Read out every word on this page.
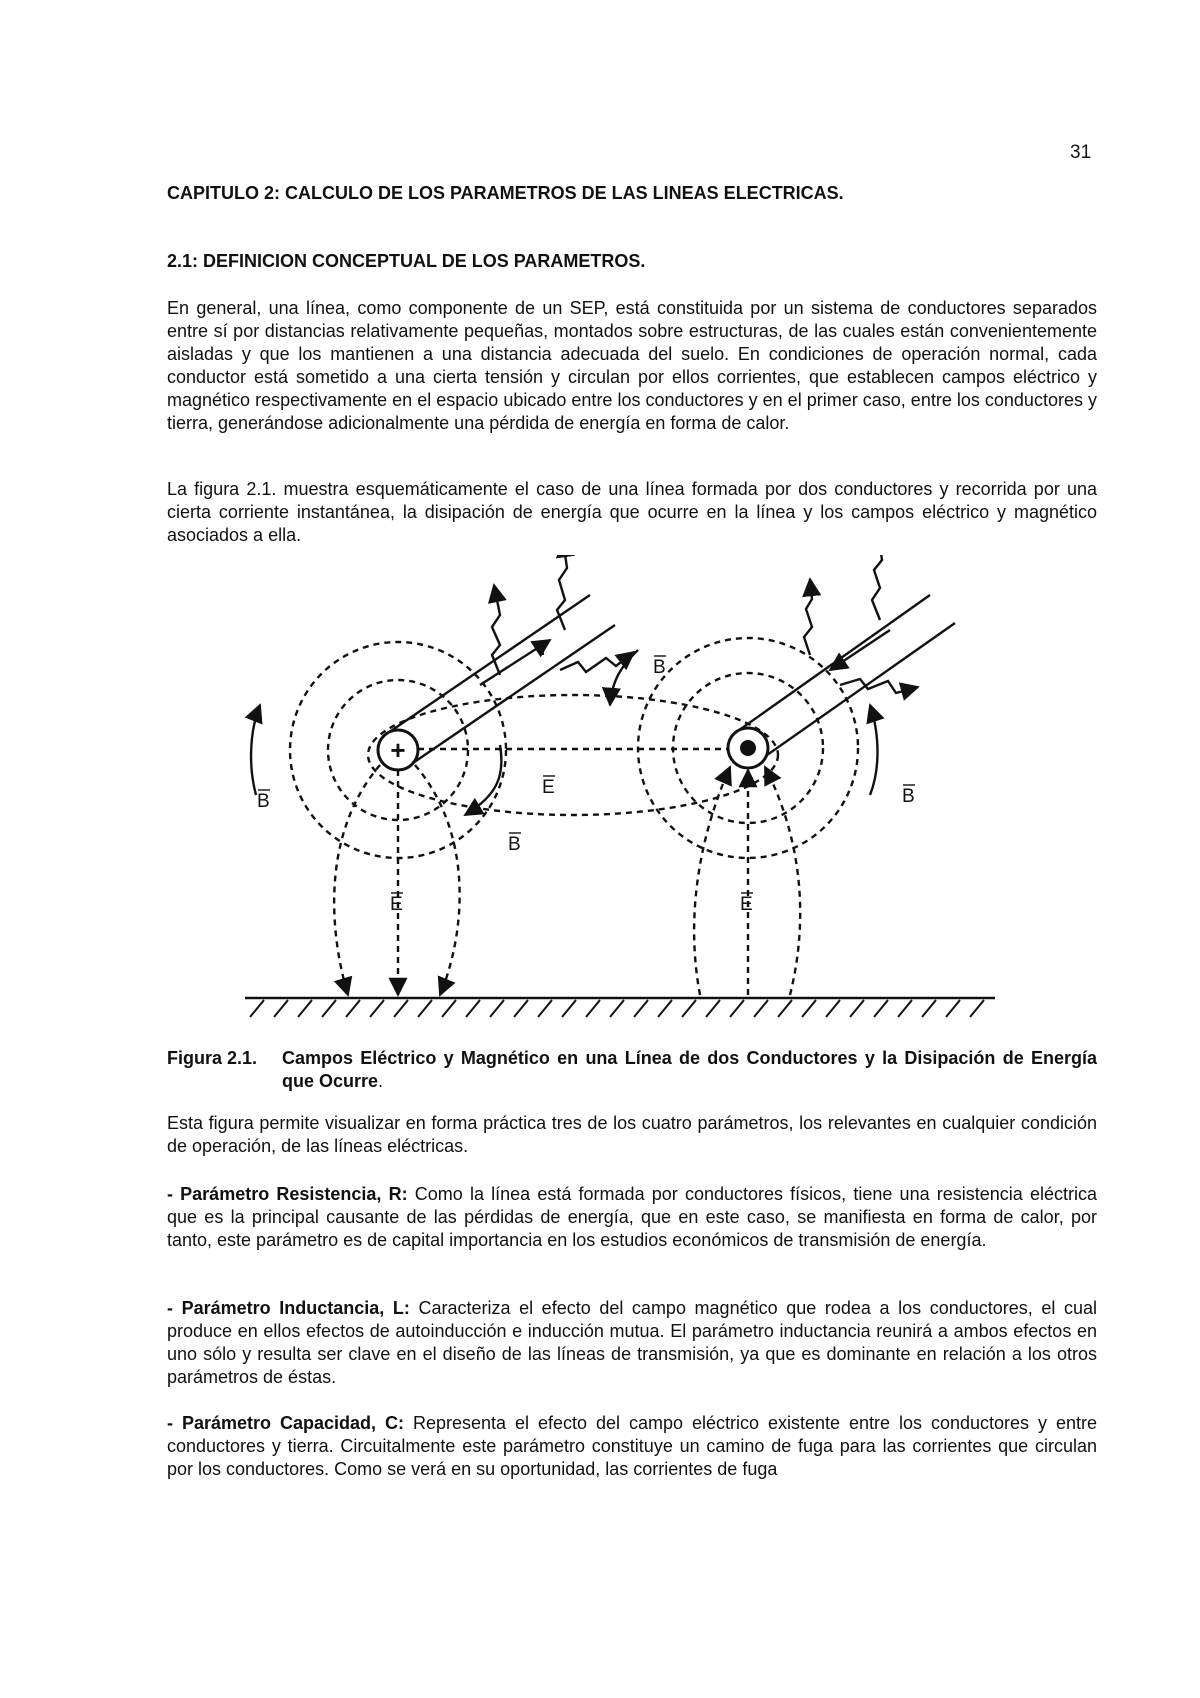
31
CAPITULO 2: CALCULO DE LOS PARAMETROS DE LAS LINEAS ELECTRICAS.
2.1: DEFINICION CONCEPTUAL DE LOS PARAMETROS.

En general, una línea, como componente de un SEP, está constituida por un sistema de conductores separados entre sí por distancias relativamente pequeñas, montados sobre estructuras, de las cuales están convenientemente aisladas y que los mantienen a una distancia adecuada del suelo. En condiciones de operación normal, cada conductor está sometido a una cierta tensión y circulan por ellos corrientes, que establecen campos eléctrico y magnético respectivamente en el espacio ubicado entre los conductores y en el primer caso, entre los conductores y tierra, generándose adicionalmente una pérdida de energía en forma de calor.

La figura 2.1. muestra esquemáticamente el caso de una línea formada por dos conductores y recorrida por una cierta corriente instantánea, la disipación de energía que ocurre en la línea y los campos eléctrico y magnético asociados a ella.

+
i
B
B
B
B
E
E	E
Figura 2.1. Campos Eléctrico y Magnético en una Línea de dos Conductores y la Disipación de Energía que Ocurre.

Esta figura permite visualizar en forma práctica tres de los cuatro parámetros, los relevantes en cualquier condición de operación, de las líneas eléctricas.

- Parámetro Resistencia, R: Como la línea está formada por conductores físicos, tiene una resistencia eléctrica que es la principal causante de las pérdidas de energía, que en este caso, se manifiesta en forma de calor, por tanto, este parámetro es de capital importancia en los estudios económicos de transmisión de energía.

- Parámetro Inductancia, L: Caracteriza el efecto del campo magnético que rodea a los conductores, el cual produce en ellos efectos de autoinducción e inducción mutua. El parámetro inductancia reunirá a ambos efectos en uno sólo y resulta ser clave en el diseño de las líneas de transmisión, ya que es dominante en relación a los otros parámetros de éstas.

- Parámetro Capacidad, C: Representa el efecto del campo eléctrico existente entre los conductores y entre conductores y tierra. Circuitalmente este parámetro constituye un camino de fuga para las corrientes que circulan por los conductores. Como se verá en su oportunidad, las corrientes de fuga
